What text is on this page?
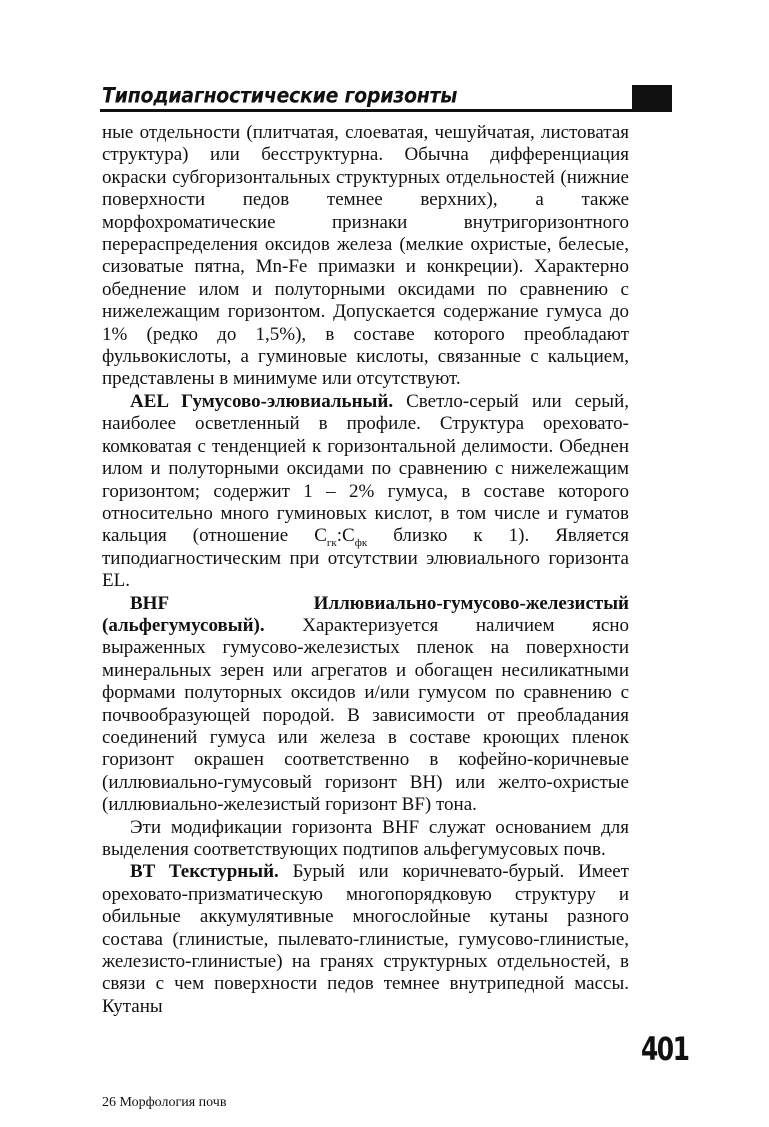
Типодиагностические горизонты

ные отдельности (плитчатая, слоеватая, чешуйчатая, листоватая структура) или бесструктурна. Обычна дифференциация окраски субгоризонтальных структурных отдельностей (нижние поверхности педов темнее верхних), а также морфохроматические признаки внутригоризонтного перераспределения оксидов железа (мелкие охристые, белесые, сизоватые пятна, Mn-Fe примазки и конкреции). Характерно обеднение илом и полуторными оксидами по сравнению с нижележащим горизонтом. Допускается содержание гумуса до 1% (редко до 1,5%), в составе которого преобладают фульвокислоты, а гуминовые кислоты, связанные с кальцием, представлены в минимуме или отсутствуют.

AEL Гумусово-элювиальный. Светло-серый или серый, наиболее осветленный в профиле. Структура ореховато-комковатая с тенденцией к горизонтальной делимости. Обеднен илом и полуторными оксидами по сравнению с нижележащим горизонтом; содержит 1 – 2% гумуса, в составе которого относительно много гуминовых кислот, в том числе и гуматов кальция (отношение $С_{гк}:С_{фк}$ близко к 1). Является типодиагностическим при отсутствии элювиального горизонта EL.

BHF Иллювиально-гумусово-железистый (альфегумусовый). Характеризуется наличием ясно выраженных гумусово-железистых пленок на поверхности минеральных зерен или агрегатов и обогащен несиликатными формами полуторных оксидов и/или гумусом по сравнению с почвообразующей породой. В зависимости от преобладания соединений гумуса или железа в составе кроющих пленок горизонт окрашен соответственно в кофейно-коричневые (иллювиально-гумусовый горизонт BH) или желто-охристые (иллювиально-железистый горизонт BF) тона.

Эти модификации горизонта BHF служат основанием для выделения соответствующих подтипов альфегумусовых почв.

BT Текстурный. Бурый или коричневато-бурый. Имеет ореховато-призматическую многопорядковую структуру и обильные аккумулятивные многослойные кутаны разного состава (глинистые, пылевато-глинистые, гумусово-глинистые, железисто-глинистые) на гранях структурных отдельностей, в связи с чем поверхности педов темнее внутрипедной массы. Кутаны

401
26 Морфология почв
